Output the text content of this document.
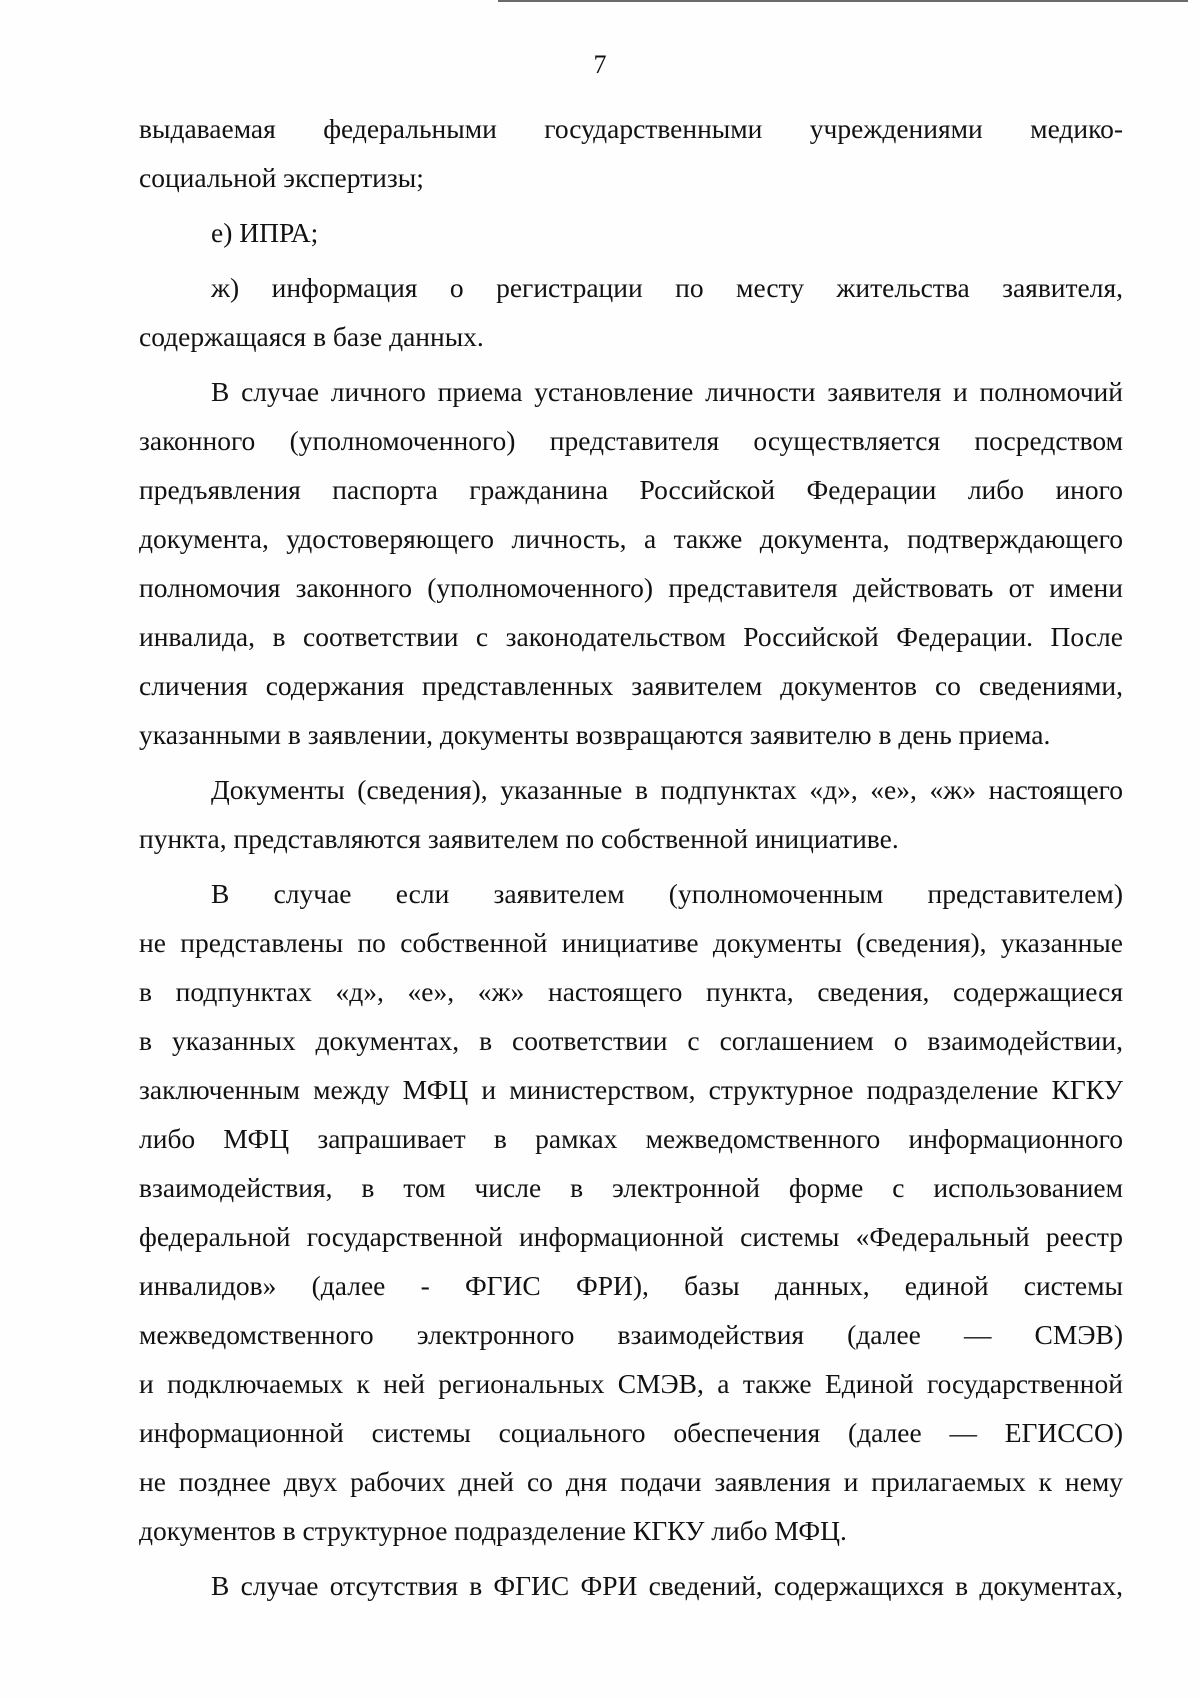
7
выдаваемая федеральными государственными учреждениями медико-
социальной экспертизы;
е) ИПРА;
ж) информация о регистрации по месту жительства заявителя,
содержащаяся в базе данных.
В случае личного приема установление личности заявителя и полномочий
законного (уполномоченного) представителя осуществляется посредством
предъявления паспорта гражданина Российской Федерации либо иного
документа, удостоверяющего личность, а также документа, подтверждающего
полномочия законного (уполномоченного) представителя действовать от имени
инвалида, в соответствии с законодательством Российской Федерации. После
сличения содержания представленных заявителем документов со сведениями,
указанными в заявлении, документы возвращаются заявителю в день приема.
Документы (сведения), указанные в подпунктах «д», «е», «ж» настоящего
пункта, представляются заявителем по собственной инициативе.
В случае если заявителем (уполномоченным представителем)
не представлены по собственной инициативе документы (сведения), указанные
в подпунктах «д», «е», «ж» настоящего пункта, сведения, содержащиеся
в указанных документах, в соответствии с соглашением о взаимодействии,
заключенным между МФЦ и министерством, структурное подразделение КГКУ
либо МФЦ запрашивает в рамках межведомственного информационного
взаимодействия, в том числе в электронной форме с использованием
федеральной государственной информационной системы «Федеральный реестр
инвалидов» (далее - ФГИС ФРИ), базы данных, единой системы
межведомственного электронного взаимодействия (далее — СМЭВ)
и подключаемых к ней региональных СМЭВ, а также Единой государственной
информационной системы социального обеспечения (далее — ЕГИССО)
не позднее двух рабочих дней со дня подачи заявления и прилагаемых к нему
документов в структурное подразделение КГКУ либо МФЦ.
В случае отсутствия в ФГИС ФРИ сведений, содержащихся в документах,
